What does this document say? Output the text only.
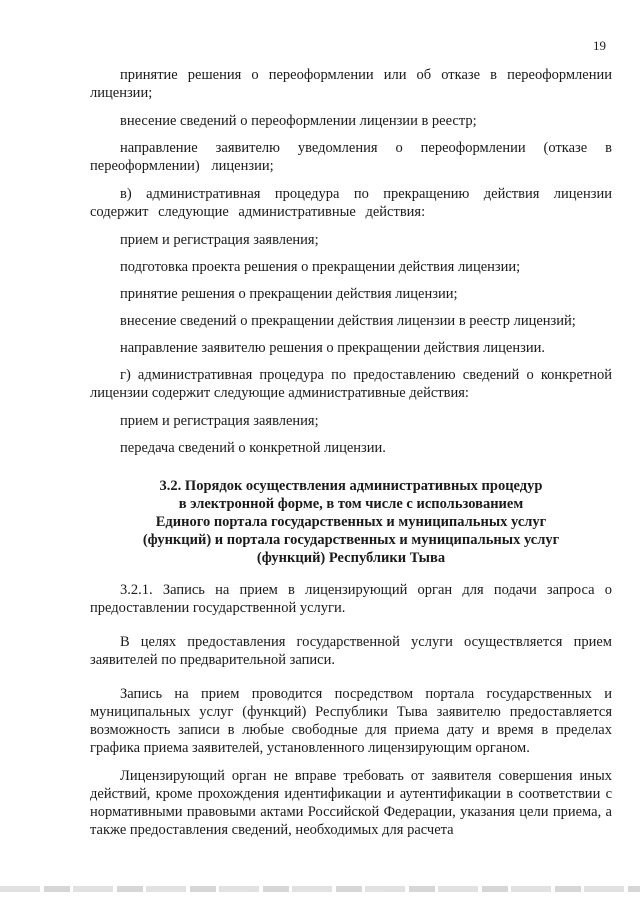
19

принятие решения о переоформлении или об отказе в переоформлении лицензии;

внесение сведений о переоформлении лицензии в реестр;

направление заявителю уведомления о переоформлении (отказе в переоформлении) лицензии;

в) административная процедура по прекращению действия лицензии содержит следующие административные действия:

прием и регистрация заявления;

подготовка проекта решения о прекращении действия лицензии;

принятие решения о прекращении действия лицензии;

внесение сведений о прекращении действия лицензии в реестр лицензий;

направление заявителю решения о прекращении действия лицензии.

г) административная процедура по предоставлению сведений о конкретной лицензии содержит следующие административные действия:

прием и регистрация заявления;

передача сведений о конкретной лицензии.

3.2. Порядок осуществления административных процедур
в электронной форме, в том числе с использованием
Единого портала государственных и муниципальных услуг
(функций) и портала государственных и муниципальных услуг
(функций) Республики Тыва

3.2.1. Запись на прием в лицензирующий орган для подачи запроса о предоставлении государственной услуги.

В целях предоставления государственной услуги осуществляется прием заявителей по предварительной записи.

Запись на прием проводится посредством портала государственных и муниципальных услуг (функций) Республики Тыва заявителю предоставляется возможность записи в любые свободные для приема дату и время в пределах графика приема заявителей, установленного лицензирующим органом.

Лицензирующий орган не вправе требовать от заявителя совершения иных действий, кроме прохождения идентификации и аутентификации в соответствии с нормативными правовыми актами Российской Федерации, указания цели приема, а также предоставления сведений, необходимых для расчета
